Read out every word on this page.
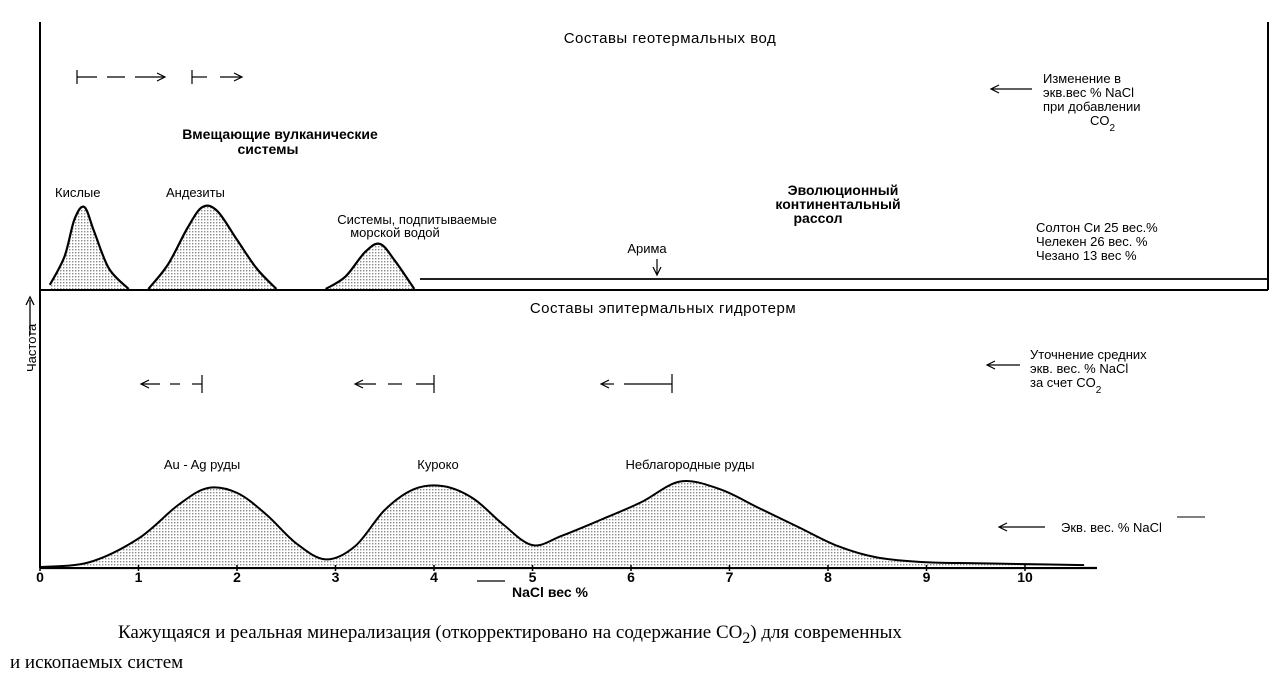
Частота
Составы геотермальных вод
Вмещающие вулканические
системы
Изменение в
экв.вес % NaCl
при добавлении
$CO_2$
Кислые	Андезиты
Системы, подпитываемые
морской водой
Арима
Эволюционный
континентальный
рассол
Солтон Си 25 вес.%
Челекен 26 вес. %
Чезано 13 вес %
Составы эпитермальных гидротерм
Уточнение средних
экв. вес. % NaCl
за счет $CO_2$
Au - Ag руды	Куроко	Неблагородные руды
Экв. вес. % NaCl
0	1	2	3	4	5	6	7	8	9	10
NaCl вес %
Кажущаяся и реальная минерализация (откорректировано на содержание $CO_2$) для современных
и ископаемых систем
